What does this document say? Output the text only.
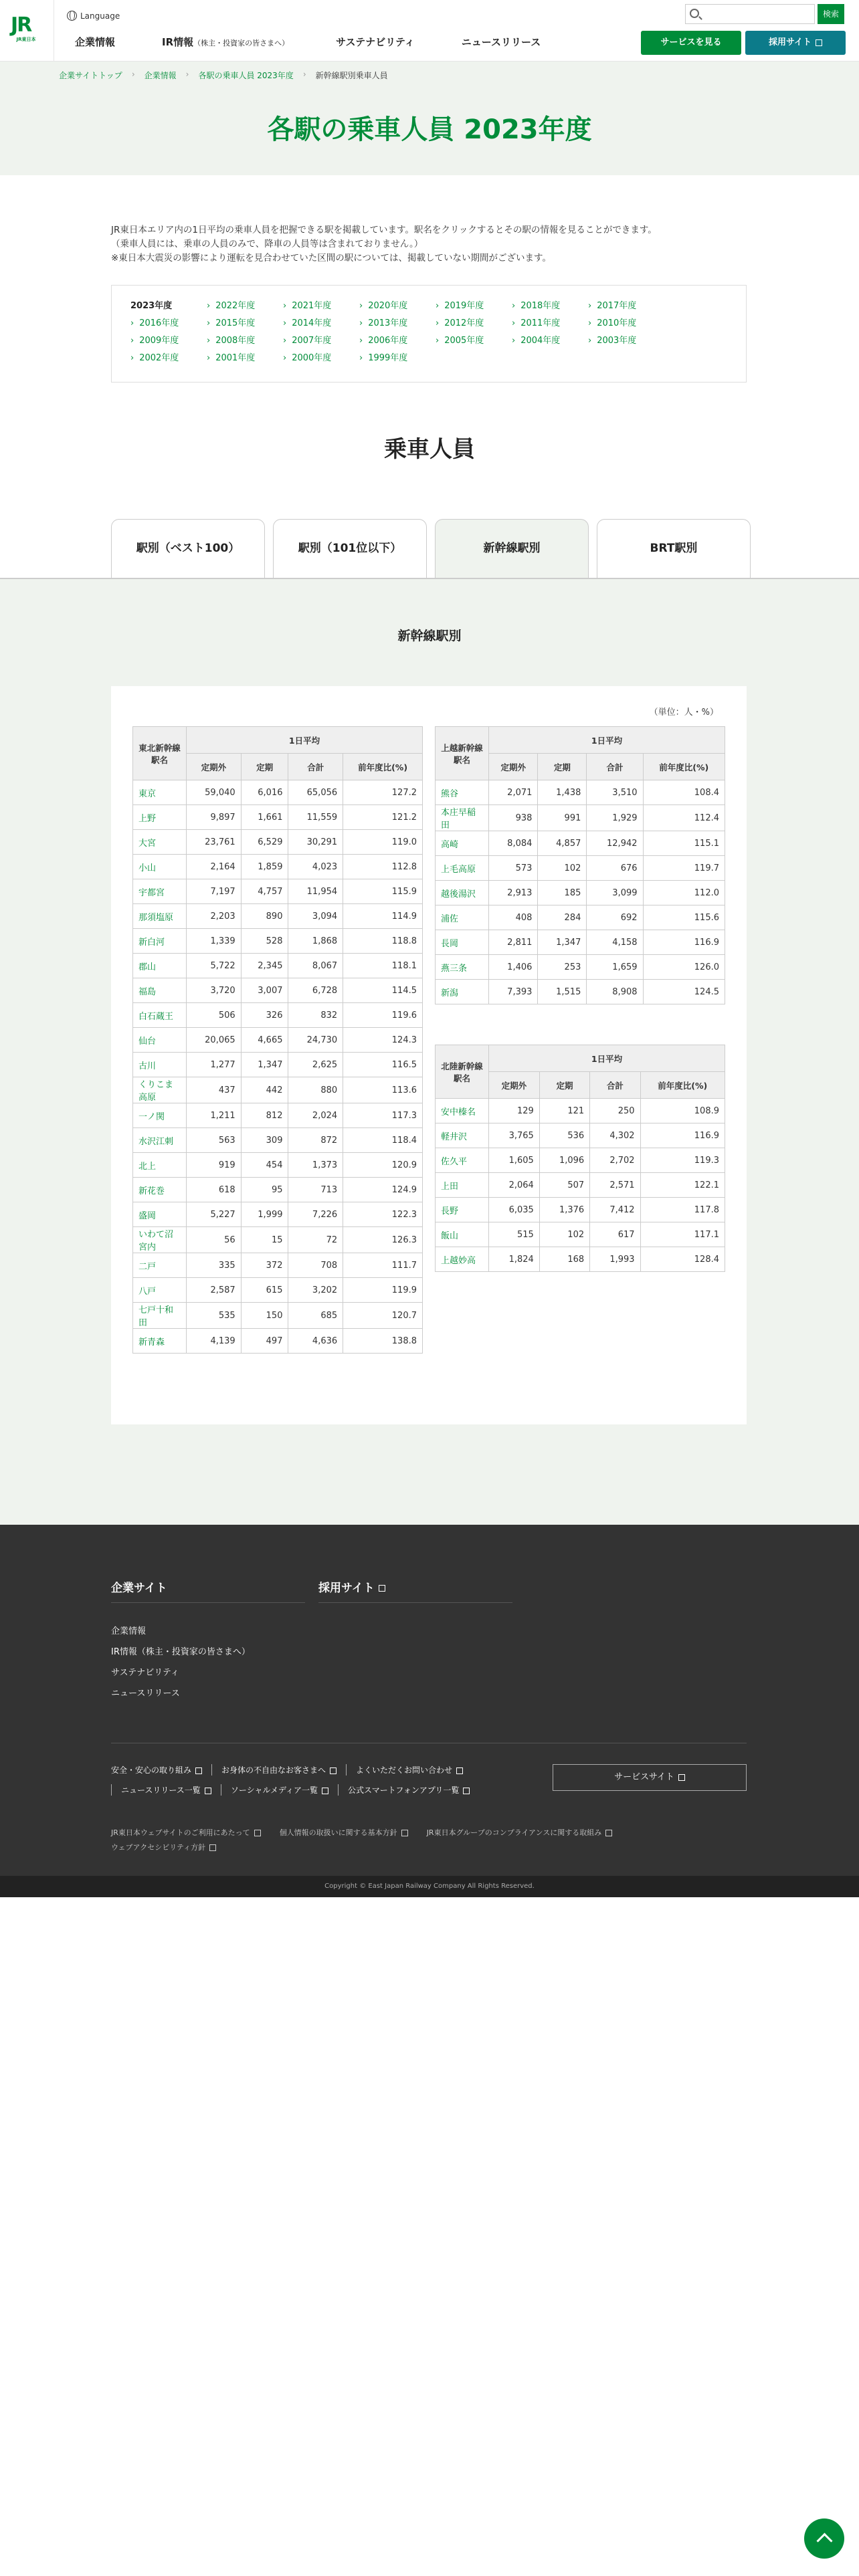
JR
JR東日本
Language
企業情報	IR情報（株主・投資家の皆さまへ）	サステナビリティ	ニュースリリース
検索
サービスを見る	採用サイト
企業サイトトップ › 企業情報 › 各駅の乗車人員 2023年度 › 新幹線駅別乗車人員
各駅の乗車人員 2023年度
JR東日本エリア内の1日平均の乗車人員を把握できる駅を掲載しています。駅名をクリックするとその駅の情報を見ることができます。
（乗車人員には、乗車の人員のみで、降車の人員等は含まれておりません。）
※東日本大震災の影響により運転を見合わせていた区間の駅については、掲載していない期間がございます。
2023年度	› 2022年度	› 2021年度	› 2020年度	› 2019年度	› 2018年度	› 2017年度
› 2016年度	› 2015年度	› 2014年度	› 2013年度	› 2012年度	› 2011年度	› 2010年度
› 2009年度	› 2008年度	› 2007年度	› 2006年度	› 2005年度	› 2004年度	› 2003年度
› 2002年度	› 2001年度	› 2000年度	› 1999年度
乗車人員
駅別（ベスト100）	駅別（101位以下）	新幹線駅別	BRT駅別
新幹線駅別
（単位：人・%）
東北新幹線駅名	1日平均			
	定期外	定期	合計	前年度比(%)
東京	59,040	6,016	65,056	127.2
上野	9,897	1,661	11,559	121.2
大宮	23,761	6,529	30,291	119.0
小山	2,164	1,859	4,023	112.8
宇都宮	7,197	4,757	11,954	115.9
那須塩原	2,203	890	3,094	114.9
新白河	1,339	528	1,868	118.8
郡山	5,722	2,345	8,067	118.1
福島	3,720	3,007	6,728	114.5
白石蔵王	506	326	832	119.6
仙台	20,065	4,665	24,730	124.3
古川	1,277	1,347	2,625	116.5
くりこま高原	437	442	880	113.6
一ノ関	1,211	812	2,024	117.3
水沢江刺	563	309	872	118.4
北上	919	454	1,373	120.9
新花巻	618	95	713	124.9
盛岡	5,227	1,999	7,226	122.3
いわて沼宮内	56	15	72	126.3
二戸	335	372	708	111.7
八戸	2,587	615	3,202	119.9
七戸十和田	535	150	685	120.7
新青森	4,139	497	4,636	138.8
上越新幹線駅名	1日平均			
	定期外	定期	合計	前年度比(%)
熊谷	2,071	1,438	3,510	108.4
本庄早稲田	938	991	1,929	112.4
高崎	8,084	4,857	12,942	115.1
上毛高原	573	102	676	119.7
越後湯沢	2,913	185	3,099	112.0
浦佐	408	284	692	115.6
長岡	2,811	1,347	4,158	116.9
燕三条	1,406	253	1,659	126.0
新潟	7,393	1,515	8,908	124.5
北陸新幹線駅名	1日平均			
	定期外	定期	合計	前年度比(%)
安中榛名	129	121	250	108.9
軽井沢	3,765	536	4,302	116.9
佐久平	1,605	1,096	2,702	119.3
上田	2,064	507	2,571	122.1
長野	6,035	1,376	7,412	117.8
飯山	515	102	617	117.1
上越妙高	1,824	168	1,993	128.4
企業サイト	採用サイト
企業情報
IR情報（株主・投資家の皆さまへ）
サステナビリティ
ニュースリリース
安全・安心の取り組み	お身体の不自由なお客さまへ	よくいただくお問い合わせ
ニュースリリース一覧	ソーシャルメディア一覧	公式スマートフォンアプリ一覧
サービスサイト
JR東日本ウェブサイトのご利用にあたって	個人情報の取扱いに関する基本方針	JR東日本グループのコンプライアンスに関する取組み
ウェブアクセシビリティ方針
Copyright © East Japan Railway Company All Rights Reserved.
